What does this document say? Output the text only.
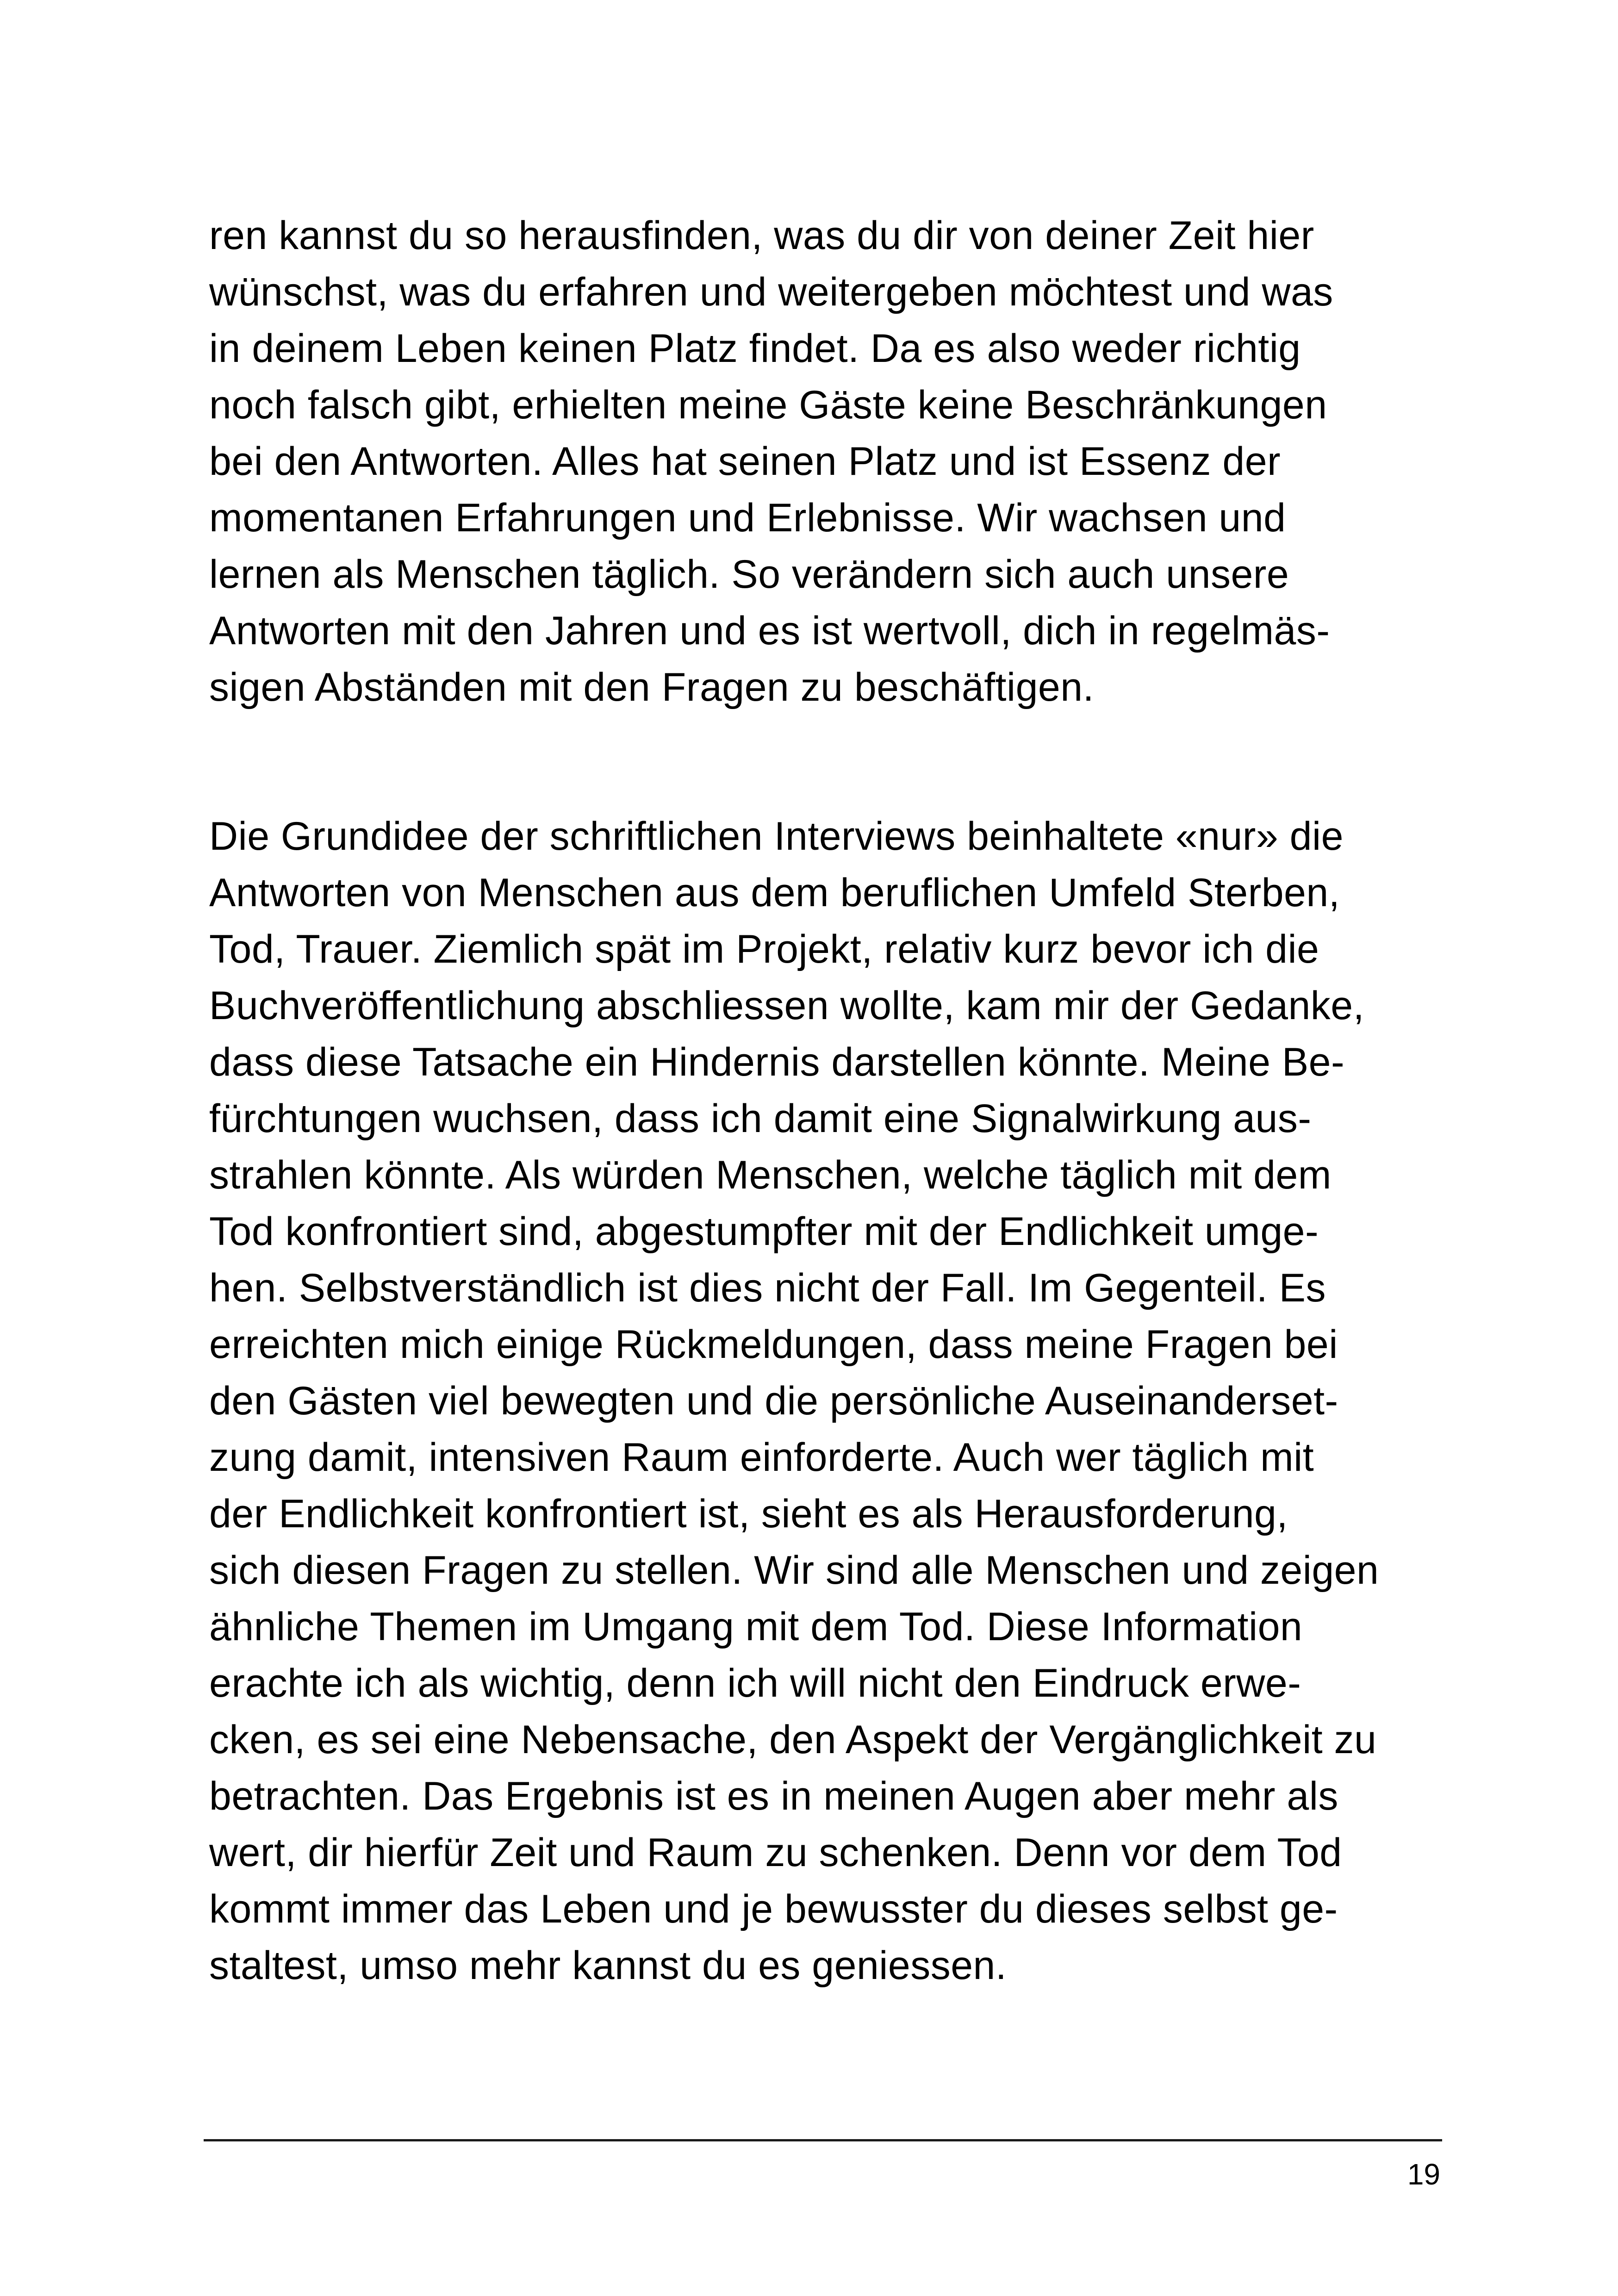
ren kannst du so herausfinden, was du dir von deiner Zeit hier
wünschst, was du erfahren und weitergeben möchtest und was
in deinem Leben keinen Platz findet. Da es also weder richtig
noch falsch gibt, erhielten meine Gäste keine Beschränkungen
bei den Antworten. Alles hat seinen Platz und ist Essenz der
momentanen Erfahrungen und Erlebnisse. Wir wachsen und
lernen als Menschen täglich. So verändern sich auch unsere
Antworten mit den Jahren und es ist wertvoll, dich in regelmäs-
sigen Abständen mit den Fragen zu beschäftigen.
Die Grundidee der schriftlichen Interviews beinhaltete «nur» die
Antworten von Menschen aus dem beruflichen Umfeld Sterben,
Tod, Trauer. Ziemlich spät im Projekt, relativ kurz bevor ich die
Buchveröffentlichung abschliessen wollte, kam mir der Gedanke,
dass diese Tatsache ein Hindernis darstellen könnte. Meine Be-
fürchtungen wuchsen, dass ich damit eine Signalwirkung aus-
strahlen könnte. Als würden Menschen, welche täglich mit dem
Tod konfrontiert sind, abgestumpfter mit der Endlichkeit umge-
hen. Selbstverständlich ist dies nicht der Fall. Im Gegenteil. Es
erreichten mich einige Rückmeldungen, dass meine Fragen bei
den Gästen viel bewegten und die persönliche Auseinanderset-
zung damit, intensiven Raum einforderte. Auch wer täglich mit
der Endlichkeit konfrontiert ist, sieht es als Herausforderung,
sich diesen Fragen zu stellen. Wir sind alle Menschen und zeigen
ähnliche Themen im Umgang mit dem Tod. Diese Information
erachte ich als wichtig, denn ich will nicht den Eindruck erwe-
cken, es sei eine Nebensache, den Aspekt der Vergänglichkeit zu
betrachten. Das Ergebnis ist es in meinen Augen aber mehr als
wert, dir hierfür Zeit und Raum zu schenken. Denn vor dem Tod
kommt immer das Leben und je bewusster du dieses selbst ge-
staltest, umso mehr kannst du es geniessen.
19
